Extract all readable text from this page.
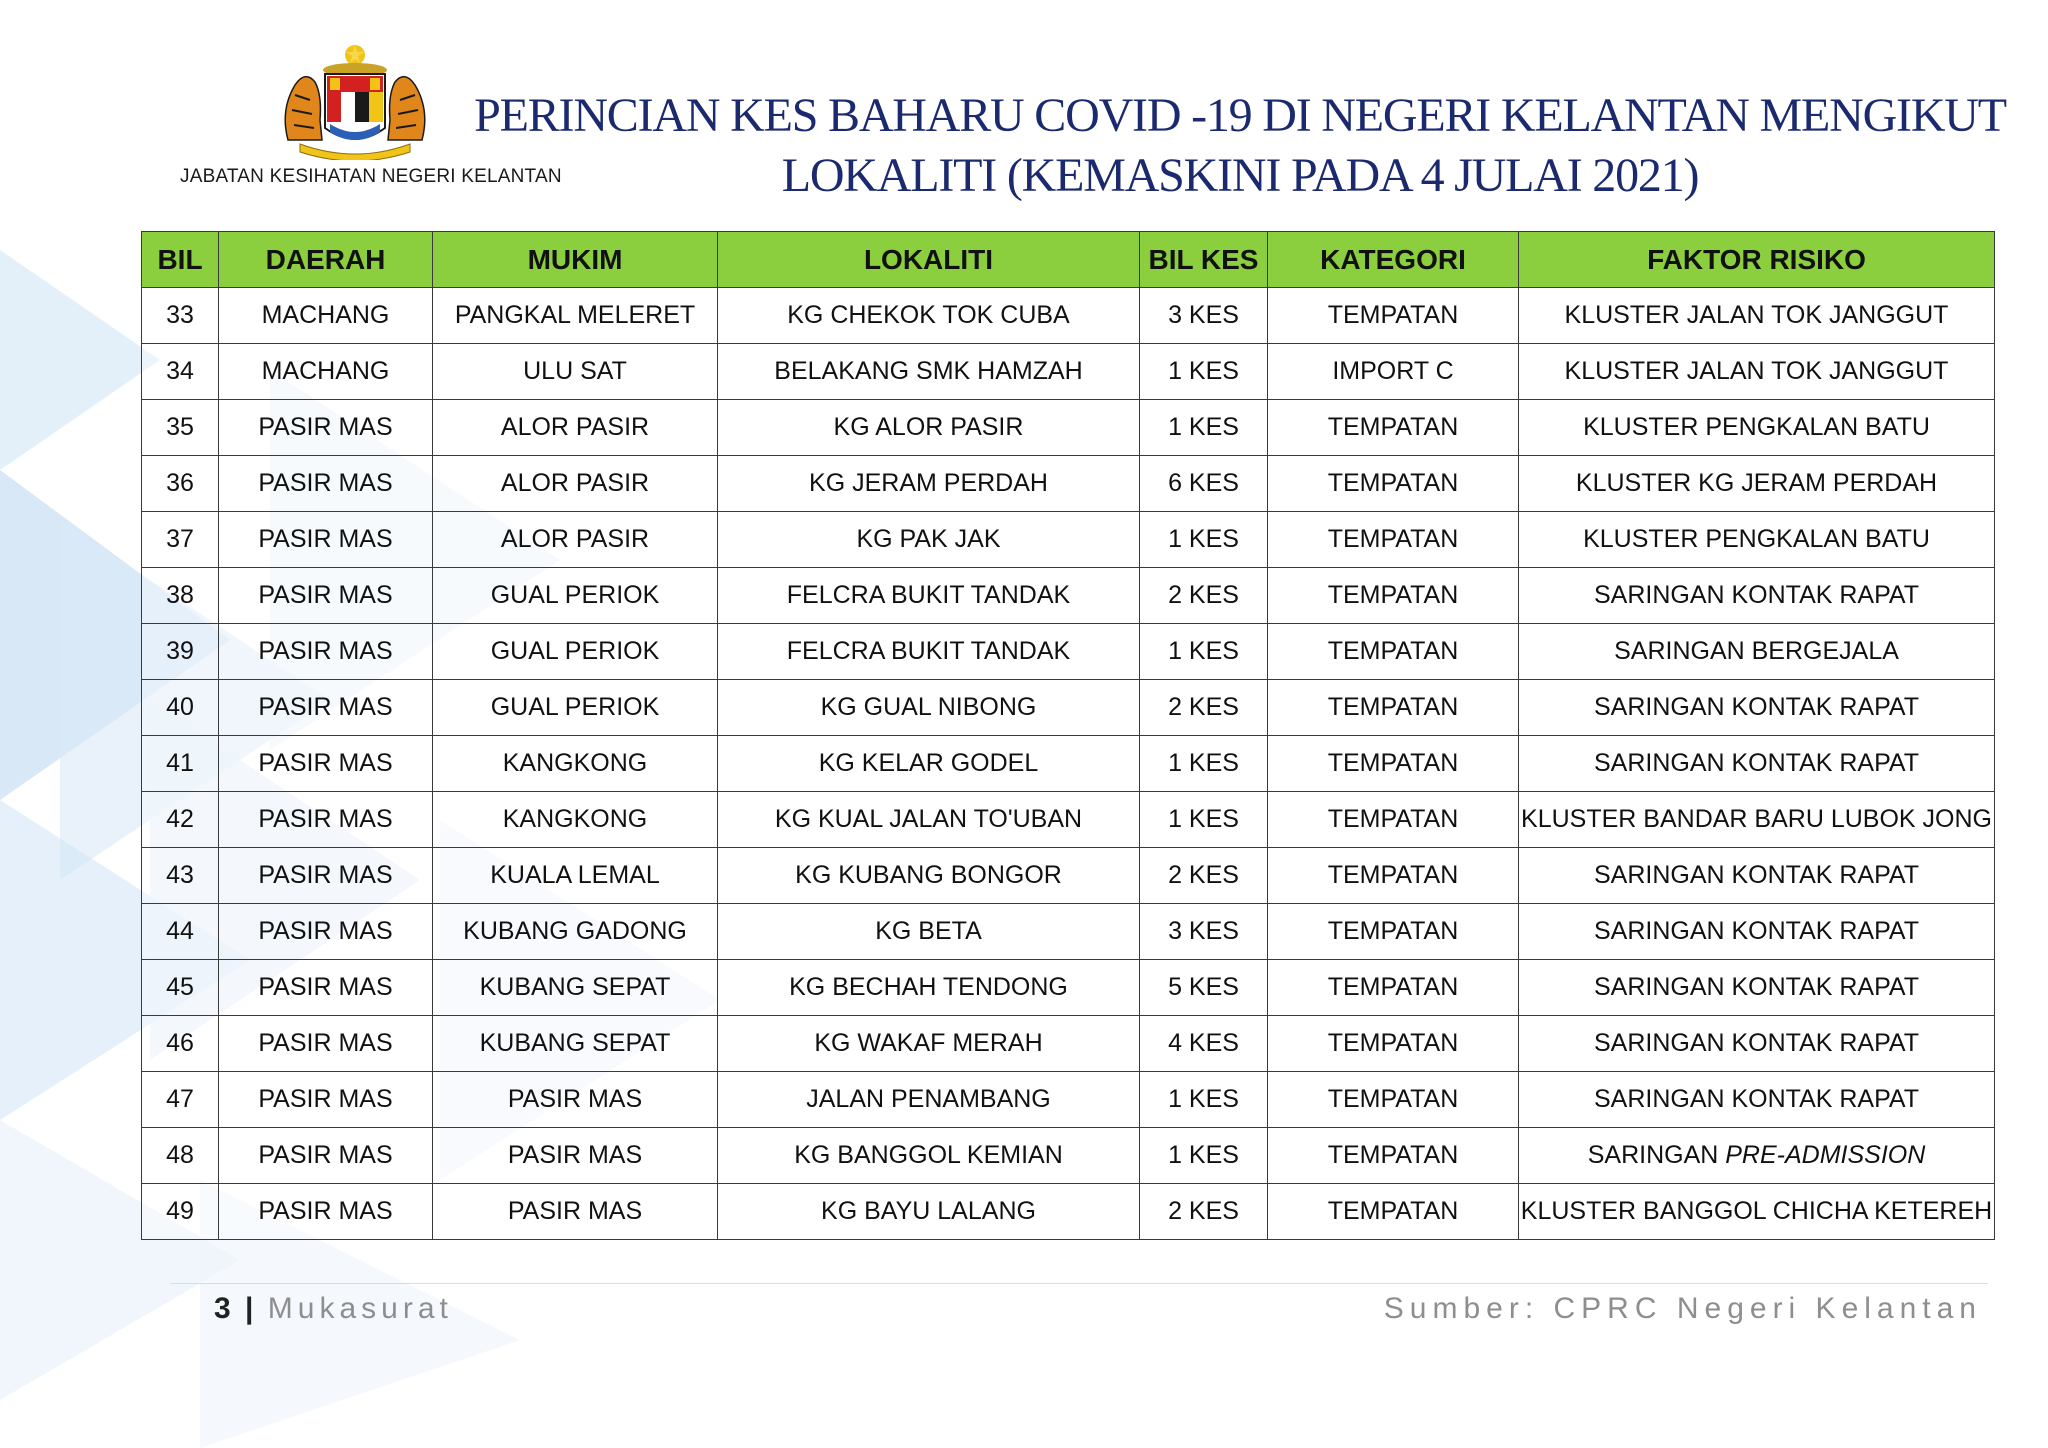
JABATAN KESIHATAN NEGERI KELANTAN
PERINCIAN KES BAHARU COVID -19 DI NEGERI KELANTAN MENGIKUT
LOKALITI (KEMASKINI PADA 4 JULAI 2021)
BIL	DAERAH	MUKIM	LOKALITI	BIL KES	KATEGORI	FAKTOR RISIKO
33	MACHANG	PANGKAL MELERET	KG CHEKOK TOK CUBA	3 KES	TEMPATAN	KLUSTER JALAN TOK JANGGUT
34	MACHANG	ULU SAT	BELAKANG SMK HAMZAH	1 KES	IMPORT C	KLUSTER JALAN TOK JANGGUT
35	PASIR MAS	ALOR PASIR	KG ALOR PASIR	1 KES	TEMPATAN	KLUSTER PENGKALAN BATU
36	PASIR MAS	ALOR PASIR	KG JERAM PERDAH	6 KES	TEMPATAN	KLUSTER KG JERAM PERDAH
37	PASIR MAS	ALOR PASIR	KG PAK JAK	1 KES	TEMPATAN	KLUSTER PENGKALAN BATU
38	PASIR MAS	GUAL PERIOK	FELCRA BUKIT TANDAK	2 KES	TEMPATAN	SARINGAN KONTAK RAPAT
39	PASIR MAS	GUAL PERIOK	FELCRA BUKIT TANDAK	1 KES	TEMPATAN	SARINGAN BERGEJALA
40	PASIR MAS	GUAL PERIOK	KG GUAL NIBONG	2 KES	TEMPATAN	SARINGAN KONTAK RAPAT
41	PASIR MAS	KANGKONG	KG KELAR GODEL	1 KES	TEMPATAN	SARINGAN KONTAK RAPAT
42	PASIR MAS	KANGKONG	KG KUAL JALAN TO'UBAN	1 KES	TEMPATAN	KLUSTER BANDAR BARU LUBOK JONG
43	PASIR MAS	KUALA LEMAL	KG KUBANG BONGOR	2 KES	TEMPATAN	SARINGAN KONTAK RAPAT
44	PASIR MAS	KUBANG GADONG	KG BETA	3 KES	TEMPATAN	SARINGAN KONTAK RAPAT
45	PASIR MAS	KUBANG SEPAT	KG BECHAH TENDONG	5 KES	TEMPATAN	SARINGAN KONTAK RAPAT
46	PASIR MAS	KUBANG SEPAT	KG WAKAF MERAH	4 KES	TEMPATAN	SARINGAN KONTAK RAPAT
47	PASIR MAS	PASIR MAS	JALAN PENAMBANG	1 KES	TEMPATAN	SARINGAN KONTAK RAPAT
48	PASIR MAS	PASIR MAS	KG BANGGOL KEMIAN	1 KES	TEMPATAN	SARINGAN PRE-ADMISSION
49	PASIR MAS	PASIR MAS	KG BAYU LALANG	2 KES	TEMPATAN	KLUSTER BANGGOL CHICHA KETEREH
3 | Mukasurat	Sumber: CPRC Negeri Kelantan
